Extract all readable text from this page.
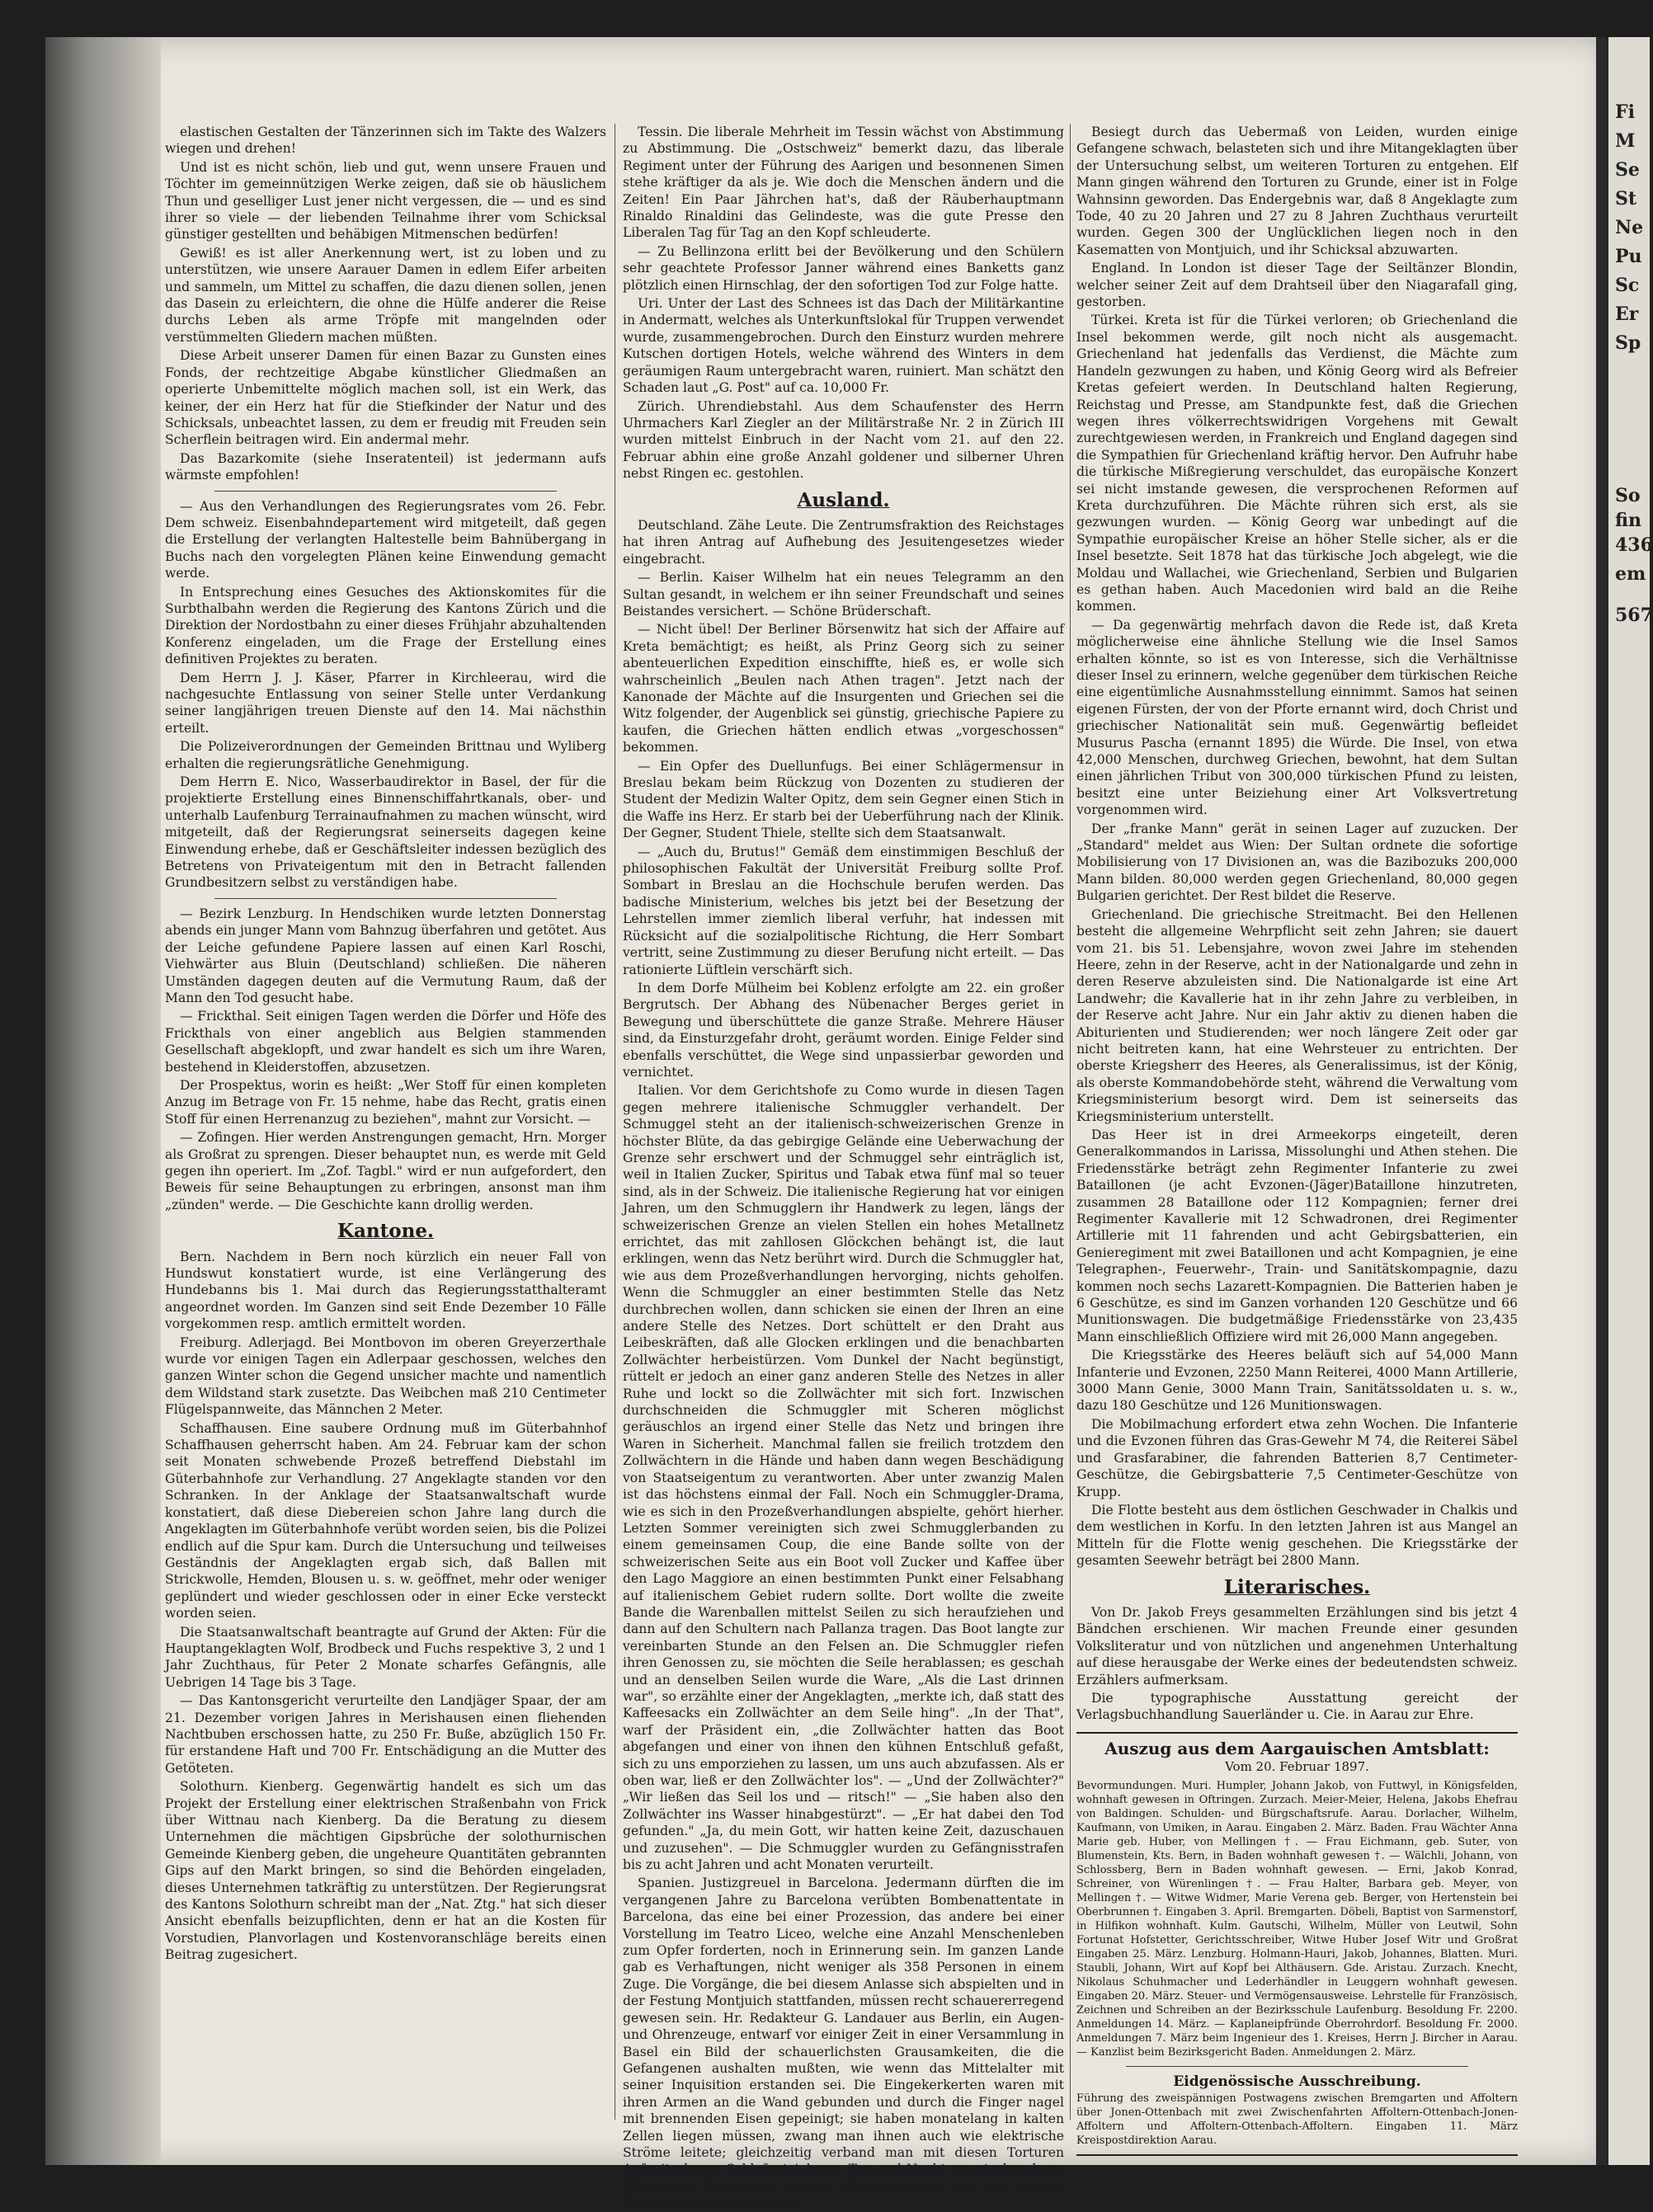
Fi
M
Se
St
Ne
Pu
Sc
Er
Sp
So
fin
436
em
567

elastischen Gestalten der Tänzerinnen sich im Takte des Walzers wiegen und drehen!

Und ist es nicht schön, lieb und gut, wenn unsere Frauen und Töchter im gemeinnützigen Werke zeigen, daß sie ob häuslichem Thun und geselliger Lust jener nicht vergessen, die — und es sind ihrer so viele — der liebenden Teilnahme ihrer vom Schicksal günstiger gestellten und behäbigen Mitmenschen bedürfen!

Gewiß! es ist aller Anerkennung wert, ist zu loben und zu unterstützen, wie unsere Aarauer Damen in edlem Eifer arbeiten und sammeln, um Mittel zu schaffen, die dazu dienen sollen, jenen das Dasein zu erleichtern, die ohne die Hülfe anderer die Reise durchs Leben als arme Tröpfe mit mangelnden oder verstümmelten Gliedern machen müßten.

Diese Arbeit unserer Damen für einen Bazar zu Gunsten eines Fonds, der rechtzeitige Abgabe künstlicher Gliedmaßen an operierte Unbemittelte möglich machen soll, ist ein Werk, das keiner, der ein Herz hat für die Stiefkinder der Natur und des Schicksals, unbeachtet lassen, zu dem er freudig mit Freuden sein Scherflein beitragen wird. Ein andermal mehr.

Das Bazarkomite (siehe Inseratenteil) ist jedermann aufs wärmste empfohlen!

— Aus den Verhandlungen des Regierungsrates vom 26. Febr. Dem schweiz. Eisenbahndepartement wird mitgeteilt, daß gegen die Erstellung der verlangten Haltestelle beim Bahnübergang in Buchs nach den vorgelegten Plänen keine Einwendung gemacht werde.

In Entsprechung eines Gesuches des Aktionskomites für die Surbthalbahn werden die Regierung des Kantons Zürich und die Direktion der Nordostbahn zu einer dieses Frühjahr abzuhaltenden Konferenz eingeladen, um die Frage der Erstellung eines definitiven Projektes zu beraten.

Dem Herrn J. J. Käser, Pfarrer in Kirchleerau, wird die nachgesuchte Entlassung von seiner Stelle unter Verdankung seiner langjährigen treuen Dienste auf den 14. Mai nächsthin erteilt.

Die Polizeiverordnungen der Gemeinden Brittnau und Wyliberg erhalten die regierungsrätliche Genehmigung.

Dem Herrn E. Nico, Wasserbaudirektor in Basel, der für die projektierte Erstellung eines Binnenschiffahrtkanals, ober- und unterhalb Laufenburg Terrainaufnahmen zu machen wünscht, wird mitgeteilt, daß der Regierungsrat seinerseits dagegen keine Einwendung erhebe, daß er Geschäftsleiter indessen bezüglich des Betretens von Privateigentum mit den in Betracht fallenden Grundbesitzern selbst zu verständigen habe.

— Bezirk Lenzburg. In Hendschiken wurde letzten Donnerstag abends ein junger Mann vom Bahnzug überfahren und getötet. Aus der Leiche gefundene Papiere lassen auf einen Karl Roschi, Viehwärter aus Bluin (Deutschland) schließen. Die näheren Umständen dagegen deuten auf die Vermutung Raum, daß der Mann den Tod gesucht habe.

— Frickthal. Seit einigen Tagen werden die Dörfer und Höfe des Frickthals von einer angeblich aus Belgien stammenden Gesellschaft abgeklopft, und zwar handelt es sich um ihre Waren, bestehend in Kleiderstoffen, abzusetzen.

Der Prospektus, worin es heißt: „Wer Stoff für einen kompleten Anzug im Betrage von Fr. 15 nehme, habe das Recht, gratis einen Stoff für einen Herrenanzug zu beziehen", mahnt zur Vorsicht. —

— Zofingen. Hier werden Anstrengungen gemacht, Hrn. Morger als Großrat zu sprengen. Dieser behauptet nun, es werde mit Geld gegen ihn operiert. Im „Zof. Tagbl." wird er nun aufgefordert, den Beweis für seine Behauptungen zu erbringen, ansonst man ihm „zünden" werde. — Die Geschichte kann drollig werden.

Kantone.

Bern. Nachdem in Bern noch kürzlich ein neuer Fall von Hundswut konstatiert wurde, ist eine Verlängerung des Hundebanns bis 1. Mai durch das Regierungsstatthalteramt angeordnet worden. Im Ganzen sind seit Ende Dezember 10 Fälle vorgekommen resp. amtlich ermittelt worden.

Freiburg. Adlerjagd. Bei Montbovon im oberen Greyerzerthale wurde vor einigen Tagen ein Adlerpaar geschossen, welches den ganzen Winter schon die Gegend unsicher machte und namentlich dem Wildstand stark zusetzte. Das Weibchen maß 210 Centimeter Flügelspannweite, das Männchen 2 Meter.

Schaffhausen. Eine saubere Ordnung muß im Güterbahnhof Schaffhausen geherrscht haben. Am 24. Februar kam der schon seit Monaten schwebende Prozeß betreffend Diebstahl im Güterbahnhofe zur Verhandlung. 27 Angeklagte standen vor den Schranken. In der Anklage der Staatsanwaltschaft wurde konstatiert, daß diese Diebereien schon Jahre lang durch die Angeklagten im Güterbahnhofe verübt worden seien, bis die Polizei endlich auf die Spur kam. Durch die Untersuchung und teilweises Geständnis der Angeklagten ergab sich, daß Ballen mit Strickwolle, Hemden, Blousen u. s. w. geöffnet, mehr oder weniger geplündert und wieder geschlossen oder in einer Ecke versteckt worden seien.

Die Staatsanwaltschaft beantragte auf Grund der Akten: Für die Hauptangeklagten Wolf, Brodbeck und Fuchs respektive 3, 2 und 1 Jahr Zuchthaus, für Peter 2 Monate scharfes Gefängnis, alle Uebrigen 14 Tage bis 3 Tage.

— Das Kantonsgericht verurteilte den Landjäger Spaar, der am 21. Dezember vorigen Jahres in Merishausen einen fliehenden Nachtbuben erschossen hatte, zu 250 Fr. Buße, abzüglich 150 Fr. für erstandene Haft und 700 Fr. Entschädigung an die Mutter des Getöteten.

Solothurn. Kienberg. Gegenwärtig handelt es sich um das Projekt der Erstellung einer elektrischen Straßenbahn von Frick über Wittnau nach Kienberg. Da die Beratung zu diesem Unternehmen die mächtigen Gipsbrüche der solothurnischen Gemeinde Kienberg geben, die ungeheure Quantitäten gebrannten Gips auf den Markt bringen, so sind die Behörden eingeladen, dieses Unternehmen tatkräftig zu unterstützen. Der Regierungsrat des Kantons Solothurn schreibt man der „Nat. Ztg." hat sich dieser Ansicht ebenfalls beizupflichten, denn er hat an die Kosten für Vorstudien, Planvorlagen und Kostenvoranschläge bereits einen Beitrag zugesichert.

Tessin. Die liberale Mehrheit im Tessin wächst von Abstimmung zu Abstimmung. Die „Ostschweiz" bemerkt dazu, das liberale Regiment unter der Führung des Aarigen und besonnenen Simen stehe kräftiger da als je. Wie doch die Menschen ändern und die Zeiten! Ein Paar Jährchen hat's, daß der Räuberhauptmann Rinaldo Rinaldini das Gelindeste, was die gute Presse den Liberalen Tag für Tag an den Kopf schleuderte.

— Zu Bellinzona erlitt bei der Bevölkerung und den Schülern sehr geachtete Professor Janner während eines Banketts ganz plötzlich einen Hirnschlag, der den sofortigen Tod zur Folge hatte.

Uri. Unter der Last des Schnees ist das Dach der Militärkantine in Andermatt, welches als Unterkunftslokal für Truppen verwendet wurde, zusammengebrochen. Durch den Einsturz wurden mehrere Kutschen dortigen Hotels, welche während des Winters in dem geräumigen Raum untergebracht waren, ruiniert. Man schätzt den Schaden laut „G. Post" auf ca. 10,000 Fr.

Zürich. Uhrendiebstahl. Aus dem Schaufenster des Herrn Uhrmachers Karl Ziegler an der Militärstraße Nr. 2 in Zürich III wurden mittelst Einbruch in der Nacht vom 21. auf den 22. Februar abhin eine große Anzahl goldener und silberner Uhren nebst Ringen ec. gestohlen.

Ausland.

Deutschland. Zähe Leute. Die Zentrumsfraktion des Reichstages hat ihren Antrag auf Aufhebung des Jesuitengesetzes wieder eingebracht.

— Berlin. Kaiser Wilhelm hat ein neues Telegramm an den Sultan gesandt, in welchem er ihn seiner Freundschaft und seines Beistandes versichert. — Schöne Brüderschaft.

— Nicht übel! Der Berliner Börsenwitz hat sich der Affaire auf Kreta bemächtigt; es heißt, als Prinz Georg sich zu seiner abenteuerlichen Expedition einschiffte, hieß es, er wolle sich wahrscheinlich „Beulen nach Athen tragen". Jetzt nach der Kanonade der Mächte auf die Insurgenten und Griechen sei die Witz folgender, der Augenblick sei günstig, griechische Papiere zu kaufen, die Griechen hätten endlich etwas „vorgeschossen" bekommen.

— Ein Opfer des Duellunfugs. Bei einer Schlägermensur in Breslau bekam beim Rückzug von Dozenten zu studieren der Student der Medizin Walter Opitz, dem sein Gegner einen Stich in die Waffe ins Herz. Er starb bei der Ueberführung nach der Klinik. Der Gegner, Student Thiele, stellte sich dem Staatsanwalt.

— „Auch du, Brutus!" Gemäß dem einstimmigen Beschluß der philosophischen Fakultät der Universität Freiburg sollte Prof. Sombart in Breslau an die Hochschule berufen werden. Das badische Ministerium, welches bis jetzt bei der Besetzung der Lehrstellen immer ziemlich liberal verfuhr, hat indessen mit Rücksicht auf die sozialpolitische Richtung, die Herr Sombart vertritt, seine Zustimmung zu dieser Berufung nicht erteilt. — Das rationierte Lüftlein verschärft sich.

In dem Dorfe Mülheim bei Koblenz erfolgte am 22. ein großer Bergrutsch. Der Abhang des Nübenacher Berges geriet in Bewegung und überschüttete die ganze Straße. Mehrere Häuser sind, da Einsturzgefahr droht, geräumt worden. Einige Felder sind ebenfalls verschüttet, die Wege sind unpassierbar geworden und vernichtet.

Italien. Vor dem Gerichtshofe zu Como wurde in diesen Tagen gegen mehrere italienische Schmuggler verhandelt. Der Schmuggel steht an der italienisch-schweizerischen Grenze in höchster Blüte, da das gebirgige Gelände eine Ueberwachung der Grenze sehr erschwert und der Schmuggel sehr einträglich ist, weil in Italien Zucker, Spiritus und Tabak etwa fünf mal so teuer sind, als in der Schweiz. Die italienische Regierung hat vor einigen Jahren, um den Schmugglern ihr Handwerk zu legen, längs der schweizerischen Grenze an vielen Stellen ein hohes Metallnetz errichtet, das mit zahllosen Glöckchen behängt ist, die laut erklingen, wenn das Netz berührt wird. Durch die Schmuggler hat, wie aus dem Prozeßverhandlungen hervorging, nichts geholfen. Wenn die Schmuggler an einer bestimmten Stelle das Netz durchbrechen wollen, dann schicken sie einen der Ihren an eine andere Stelle des Netzes. Dort schüttelt er den Draht aus Leibeskräften, daß alle Glocken erklingen und die benachbarten Zollwächter herbeistürzen. Vom Dunkel der Nacht begünstigt, rüttelt er jedoch an einer ganz anderen Stelle des Netzes in aller Ruhe und lockt so die Zollwächter mit sich fort. Inzwischen durchschneiden die Schmuggler mit Scheren möglichst geräuschlos an irgend einer Stelle das Netz und bringen ihre Waren in Sicherheit. Manchmal fallen sie freilich trotzdem den Zollwächtern in die Hände und haben dann wegen Beschädigung von Staatseigentum zu verantworten. Aber unter zwanzig Malen ist das höchstens einmal der Fall. Noch ein Schmuggler-Drama, wie es sich in den Prozeßverhandlungen abspielte, gehört hierher. Letzten Sommer vereinigten sich zwei Schmugglerbanden zu einem gemeinsamen Coup, die eine Bande sollte von der schweizerischen Seite aus ein Boot voll Zucker und Kaffee über den Lago Maggiore an einen bestimmten Punkt einer Felsabhang auf italienischem Gebiet rudern sollte. Dort wollte die zweite Bande die Warenballen mittelst Seilen zu sich heraufziehen und dann auf den Schultern nach Pallanza tragen. Das Boot langte zur vereinbarten Stunde an den Felsen an. Die Schmuggler riefen ihren Genossen zu, sie möchten die Seile herablassen; es geschah und an denselben Seilen wurde die Ware, „Als die Last drinnen war", so erzählte einer der Angeklagten, „merkte ich, daß statt des Kaffeesacks ein Zollwächter an dem Seile hing". „In der That", warf der Präsident ein, „die Zollwächter hatten das Boot abgefangen und einer von ihnen den kühnen Entschluß gefaßt, sich zu uns emporziehen zu lassen, um uns auch abzufassen. Als er oben war, ließ er den Zollwächter los". — „Und der Zollwächter?" „Wir ließen das Seil los und — ritsch!" — „Sie haben also den Zollwächter ins Wasser hinabgestürzt". — „Er hat dabei den Tod gefunden." „Ja, du mein Gott, wir hatten keine Zeit, dazuschauen und zuzusehen". — Die Schmuggler wurden zu Gefängnisstrafen bis zu acht Jahren und acht Monaten verurteilt.

Spanien. Justizgreuel in Barcelona. Jedermann dürften die im vergangenen Jahre zu Barcelona verübten Bombenattentate in Barcelona, das eine bei einer Prozession, das andere bei einer Vorstellung im Teatro Liceo, welche eine Anzahl Menschenleben zum Opfer forderten, noch in Erinnerung sein. Im ganzen Lande gab es Verhaftungen, nicht weniger als 358 Personen in einem Zuge. Die Vorgänge, die bei diesem Anlasse sich abspielten und in der Festung Montjuich stattfanden, müssen recht schauererregend gewesen sein. Hr. Redakteur G. Landauer aus Berlin, ein Augen- und Ohrenzeuge, entwarf vor einiger Zeit in einer Versammlung in Basel ein Bild der schauerlichsten Grausamkeiten, die die Gefangenen aushalten mußten, wie wenn das Mittelalter mit seiner Inquisition erstanden sei. Die Eingekerkerten waren mit ihren Armen an die Wand gebunden und durch die Finger nagel mit brennenden Eisen gepeinigt; sie haben monatelang in kalten Zellen liegen müssen, zwang man ihnen auch wie elektrische Ströme leitete; gleichzeitig verband man mit diesen Torturen Aufpeitschung, Schlafentziehung, Tag und Nacht ununterbrochene Marterung, Bastonade, andere Grausamkeiten, um den Leuten Geständnisse zu erpressen.

Besiegt durch das Uebermaß von Leiden, wurden einige Gefangene schwach, belasteten sich und ihre Mitangeklagten über der Untersuchung selbst, um weiteren Torturen zu entgehen. Elf Mann gingen während den Torturen zu Grunde, einer ist in Folge Wahnsinn geworden. Das Endergebnis war, daß 8 Angeklagte zum Tode, 40 zu 20 Jahren und 27 zu 8 Jahren Zuchthaus verurteilt wurden. Gegen 300 der Unglücklichen liegen noch in den Kasematten von Montjuich, und ihr Schicksal abzuwarten.

England. In London ist dieser Tage der Seiltänzer Blondin, welcher seiner Zeit auf dem Drahtseil über den Niagarafall ging, gestorben.

Türkei. Kreta ist für die Türkei verloren; ob Griechenland die Insel bekommen werde, gilt noch nicht als ausgemacht. Griechenland hat jedenfalls das Verdienst, die Mächte zum Handeln gezwungen zu haben, und König Georg wird als Befreier Kretas gefeiert werden. In Deutschland halten Regierung, Reichstag und Presse, am Standpunkte fest, daß die Griechen wegen ihres völkerrechtswidrigen Vorgehens mit Gewalt zurechtgewiesen werden, in Frankreich und England dagegen sind die Sympathien für Griechenland kräftig hervor. Den Aufruhr habe die türkische Mißregierung verschuldet, das europäische Konzert sei nicht imstande gewesen, die versprochenen Reformen auf Kreta durchzuführen. Die Mächte rühren sich erst, als sie gezwungen wurden. — König Georg war unbedingt auf die Sympathie europäischer Kreise an höher Stelle sicher, als er die Insel besetzte. Seit 1878 hat das türkische Joch abgelegt, wie die Moldau und Wallachei, wie Griechenland, Serbien und Bulgarien es gethan haben. Auch Macedonien wird bald an die Reihe kommen.

— Da gegenwärtig mehrfach davon die Rede ist, daß Kreta möglicherweise eine ähnliche Stellung wie die Insel Samos erhalten könnte, so ist es von Interesse, sich die Verhältnisse dieser Insel zu erinnern, welche gegenüber dem türkischen Reiche eine eigentümliche Ausnahmsstellung einnimmt. Samos hat seinen eigenen Fürsten, der von der Pforte ernannt wird, doch Christ und griechischer Nationalität sein muß. Gegenwärtig befleidet Musurus Pascha (ernannt 1895) die Würde. Die Insel, von etwa 42,000 Menschen, durchweg Griechen, bewohnt, hat dem Sultan einen jährlichen Tribut von 300,000 türkischen Pfund zu leisten, besitzt eine unter Beiziehung einer Art Volksvertretung vorgenommen wird.

Der „franke Mann" gerät in seinen Lager auf zuzucken. Der „Standard" meldet aus Wien: Der Sultan ordnete die sofortige Mobilisierung von 17 Divisionen an, was die Bazibozuks 200,000 Mann bilden. 80,000 werden gegen Griechenland, 80,000 gegen Bulgarien gerichtet. Der Rest bildet die Reserve.

Griechenland. Die griechische Streitmacht. Bei den Hellenen besteht die allgemeine Wehrpflicht seit zehn Jahren; sie dauert vom 21. bis 51. Lebensjahre, wovon zwei Jahre im stehenden Heere, zehn in der Reserve, acht in der Nationalgarde und zehn in deren Reserve abzuleisten sind. Die Nationalgarde ist eine Art Landwehr; die Kavallerie hat in ihr zehn Jahre zu verbleiben, in der Reserve acht Jahre. Nur ein Jahr aktiv zu dienen haben die Abiturienten und Studierenden; wer noch längere Zeit oder gar nicht beitreten kann, hat eine Wehrsteuer zu entrichten. Der oberste Kriegsherr des Heeres, als Generalissimus, ist der König, als oberste Kommandobehörde steht, während die Verwaltung vom Kriegsministerium besorgt wird. Dem ist seinerseits das Kriegsministerium unterstellt.

Das Heer ist in drei Armeekorps eingeteilt, deren Generalkommandos in Larissa, Missolunghi und Athen stehen. Die Friedensstärke beträgt zehn Regimenter Infanterie zu zwei Bataillonen (je acht Evzonen-(Jäger)Bataillone hinzutreten, zusammen 28 Bataillone oder 112 Kompagnien; ferner drei Regimenter Kavallerie mit 12 Schwadronen, drei Regimenter Artillerie mit 11 fahrenden und acht Gebirgsbatterien, ein Genieregiment mit zwei Bataillonen und acht Kompagnien, je eine Telegraphen-, Feuerwehr-, Train- und Sanitätskompagnie, dazu kommen noch sechs Lazarett-Kompagnien. Die Batterien haben je 6 Geschütze, es sind im Ganzen vorhanden 120 Geschütze und 66 Munitionswagen. Die budgetmäßige Friedensstärke von 23,435 Mann einschließlich Offiziere wird mit 26,000 Mann angegeben.

Die Kriegsstärke des Heeres beläuft sich auf 54,000 Mann Infanterie und Evzonen, 2250 Mann Reiterei, 4000 Mann Artillerie, 3000 Mann Genie, 3000 Mann Train, Sanitätssoldaten u. s. w., dazu 180 Geschütze und 126 Munitionswagen.

Die Mobilmachung erfordert etwa zehn Wochen. Die Infanterie und die Evzonen führen das Gras-Gewehr M 74, die Reiterei Säbel und Grasfarabiner, die fahrenden Batterien 8,7 Centimeter-Geschütze, die Gebirgsbatterie 7,5 Centimeter-Geschütze von Krupp.

Die Flotte besteht aus dem östlichen Geschwader in Chalkis und dem westlichen in Korfu. In den letzten Jahren ist aus Mangel an Mitteln für die Flotte wenig geschehen. Die Kriegsstärke der gesamten Seewehr beträgt bei 2800 Mann.

Literarisches.

Von Dr. Jakob Freys gesammelten Erzählungen sind bis jetzt 4 Bändchen erschienen. Wir machen Freunde einer gesunden Volksliteratur und von nützlichen und angenehmen Unterhaltung auf diese herausgabe der Werke eines der bedeutendsten schweiz. Erzählers aufmerksam.

Die typographische Ausstattung gereicht der Verlagsbuchhandlung Sauerländer u. Cie. in Aarau zur Ehre.

Auszug aus dem Aargauischen Amtsblatt:
Vom 20. Februar 1897.

Bevormundungen. Muri. Humpler, Johann Jakob, von Futtwyl, in Königsfelden, wohnhaft gewesen in Oftringen. Zurzach. Meier-Meier, Helena, Jakobs Ehefrau von Baldingen. Schulden- und Bürgschaftsrufe. Aarau. Dorlacher, Wilhelm, Kaufmann, von Umiken, in Aarau. Eingaben 2. März. Baden. Frau Wächter Anna Marie geb. Huber, von Mellingen †. — Frau Eichmann, geb. Suter, von Blumenstein, Kts. Bern, in Baden wohnhaft gewesen †. — Wälchli, Johann, von Schlossberg, Bern in Baden wohnhaft gewesen. — Erni, Jakob Konrad, Schreiner, von Würenlingen †. — Frau Halter, Barbara geb. Meyer, von Mellingen †. — Witwe Widmer, Marie Verena geb. Berger, von Hertenstein bei Oberbrunnen †. Eingaben 3. April. Bremgarten. Döbeli, Baptist von Sarmenstorf, in Hilfikon wohnhaft. Kulm. Gautschi, Wilhelm, Müller von Leutwil, Sohn Fortunat Hofstetter, Gerichtsschreiber, Witwe Huber Josef Witr und Großrat Eingaben 25. März. Lenzburg. Holmann-Hauri, Jakob, Johannes, Blatten. Muri. Staubli, Johann, Wirt auf Kopf bei Althäusern. Gde. Aristau. Zurzach. Knecht, Nikolaus Schuhmacher und Lederhändler in Leuggern wohnhaft gewesen. Eingaben 20. März. Steuer- und Vermögensausweise. Lehrstelle für Französisch, Zeichnen und Schreiben an der Bezirksschule Laufenburg. Besoldung Fr. 2200. Anmeldungen 14. März. — Kaplaneipfründe Oberrohrdorf. Besoldung Fr. 2000. Anmeldungen 7. März beim Ingenieur des 1. Kreises, Herrn J. Bircher in Aarau. — Kanzlist beim Bezirksgericht Baden. Anmeldungen 2. März.

Eidgenössische Ausschreibung.

Führung des zweispännigen Postwagens zwischen Bremgarten und Affoltern über Jonen-Ottenbach mit zwei Zwischenfahrten Affoltern-Ottenbach-Jonen-Affoltern und Affoltern-Ottenbach-Affoltern. Eingaben 11. März Kreispostdirektion Aarau.
